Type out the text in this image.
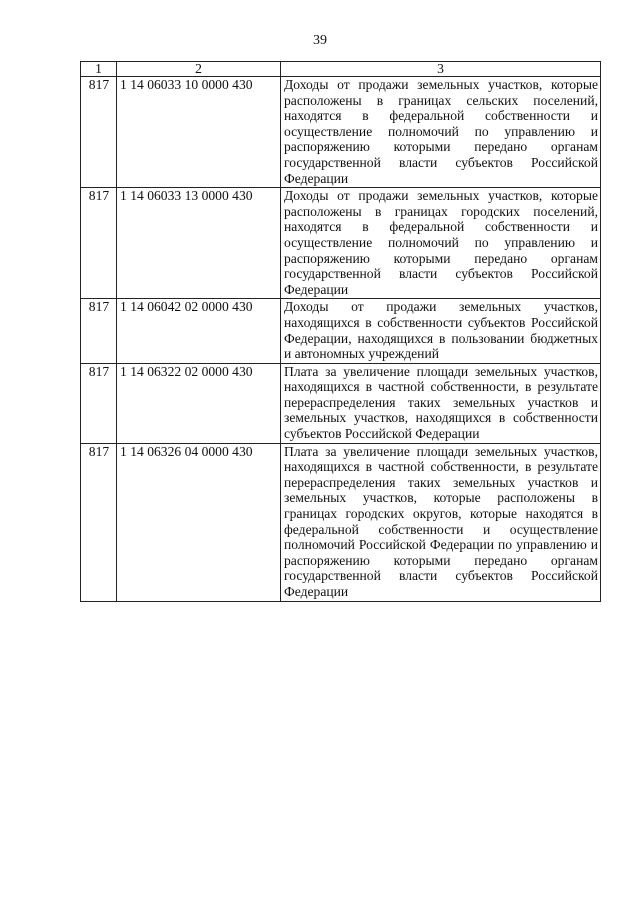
39
1	2	3
817	1 14 06033 10 0000 430	Доходы от продажи земельных участков, которые расположены в границах сельских поселений, находятся в федеральной собственности и осуществление полномочий по управлению и распоряжению которыми передано органам государственной власти субъектов Российской Федерации
817	1 14 06033 13 0000 430	Доходы от продажи земельных участков, которые расположены в границах городских поселений, находятся в федеральной собственности и осуществление полномочий по управлению и распоряжению которыми передано органам государственной власти субъектов Российской Федерации
817	1 14 06042 02 0000 430	Доходы от продажи земельных участков, находящихся в собственности субъектов Российской Федерации, находящихся в пользовании бюджетных и автономных учреждений
817	1 14 06322 02 0000 430	Плата за увеличение площади земельных участков, находящихся в частной собственности, в результате перераспределения таких земельных участков и земельных участков, находящихся в собственности субъектов Российской Федерации
817	1 14 06326 04 0000 430	Плата за увеличение площади земельных участков, находящихся в частной собственности, в результате перераспределения таких земельных участков и земельных участков, которые расположены в границах городских округов, которые находятся в федеральной собственности и осуществление полномочий Российской Федерации по управлению и распоряжению которыми передано органам государственной власти субъектов Российской Федерации
